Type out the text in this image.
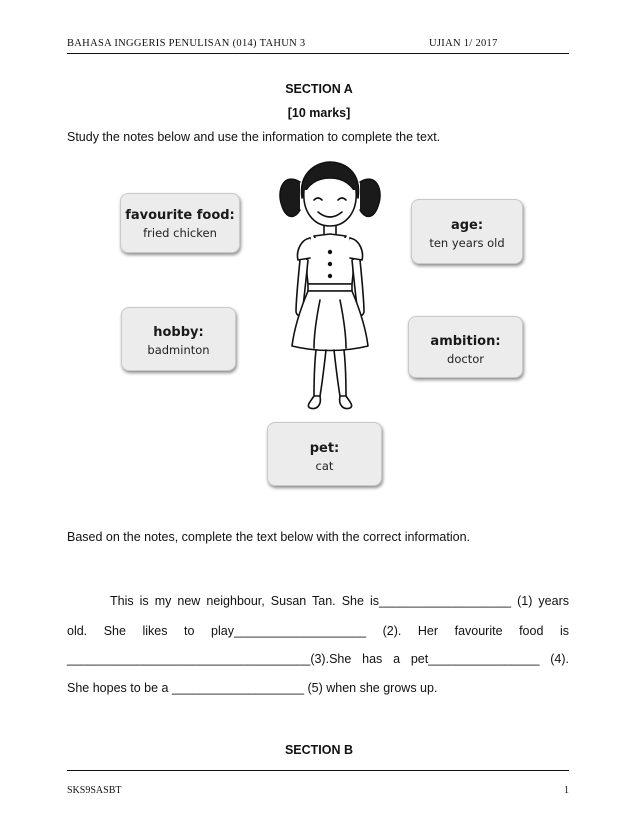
BAHASA INGGERIS PENULISAN (014) TAHUN 3	UJIAN 1/ 2017
SECTION A
[10 marks]
Study the notes below and use the information to complete the text.
favourite food:
fried chicken	age:
ten years old
hobby:
badminton
ambition:
doctor
pet:
cat
Based on the notes, complete the text below with the correct information.
This is my new neighbour, Susan Tan. She is___________________ (1) years
old. She likes to play___________________ (2). Her favourite food is
___________________________________(3).She has a pet________________ (4).
She hopes to be a ___________________ (5) when she grows up.
SECTION B
SKS9SASBT	1
